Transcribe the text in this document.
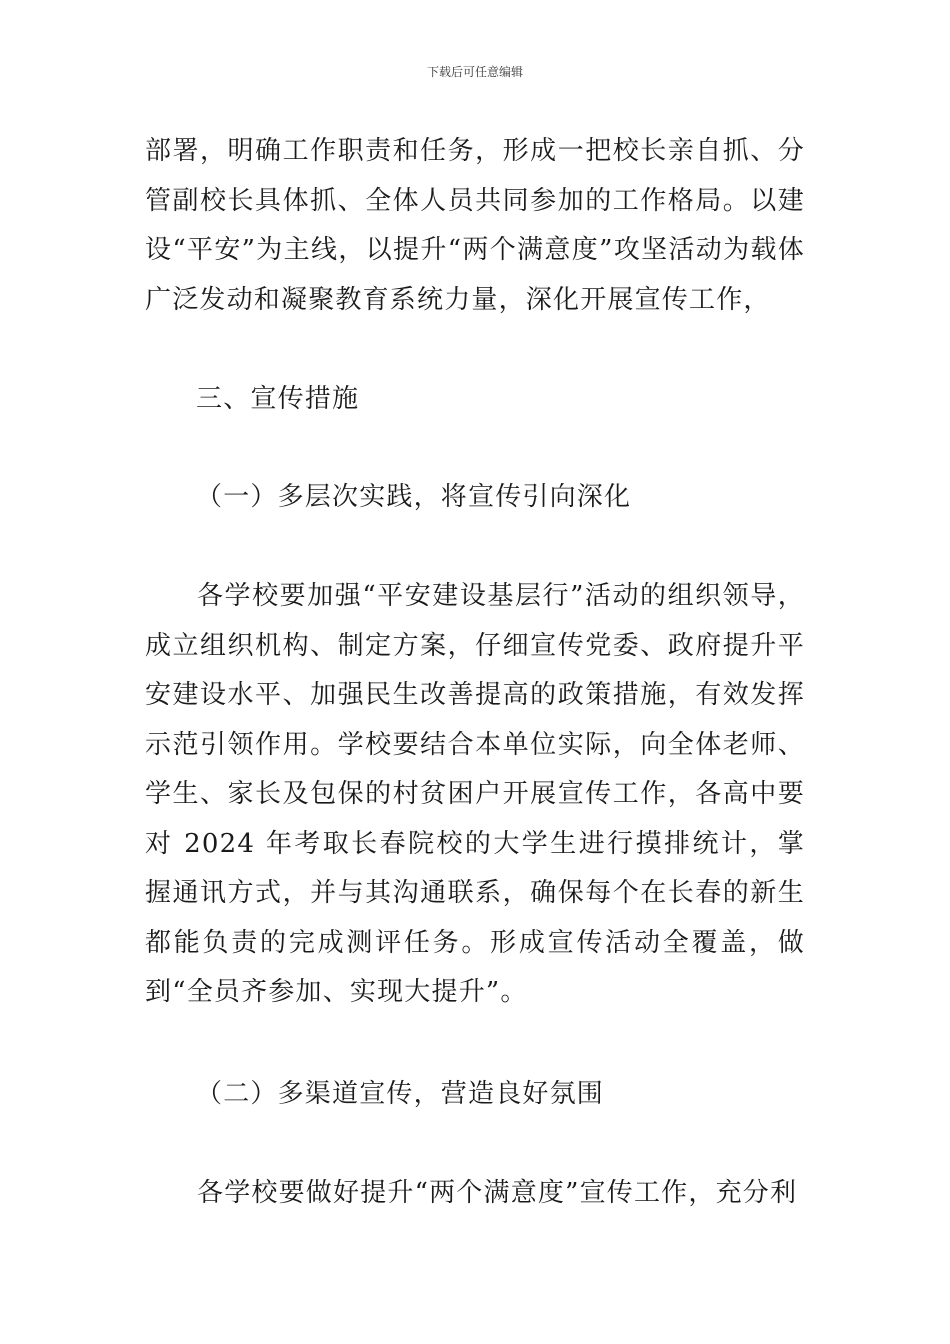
下载后可任意编辑
部署，明确工作职责和任务，形成一把校长亲自抓、分管副校长具体抓、全体人员共同参加的工作格局。以建设“平安”为主线，以提升“两个满意度”攻坚活动为载体广泛发动和凝聚教育系统力量，深化开展宣传工作，
三、宣传措施
（一）多层次实践，将宣传引向深化
各学校要加强“平安建设基层行”活动的组织领导，成立组织机构、制定方案，仔细宣传党委、政府提升平安建设水平、加强民生改善提高的政策措施，有效发挥示范引领作用。学校要结合本单位实际，向全体老师、学生、家长及包保的村贫困户开展宣传工作，各高中要对 2024 年考取长春院校的大学生进行摸排统计，掌握通讯方式，并与其沟通联系，确保每个在长春的新生都能负责的完成测评任务。形成宣传活动全覆盖，做到“全员齐参加、实现大提升”。
（二）多渠道宣传，营造良好氛围
各学校要做好提升“两个满意度”宣传工作，充分利
